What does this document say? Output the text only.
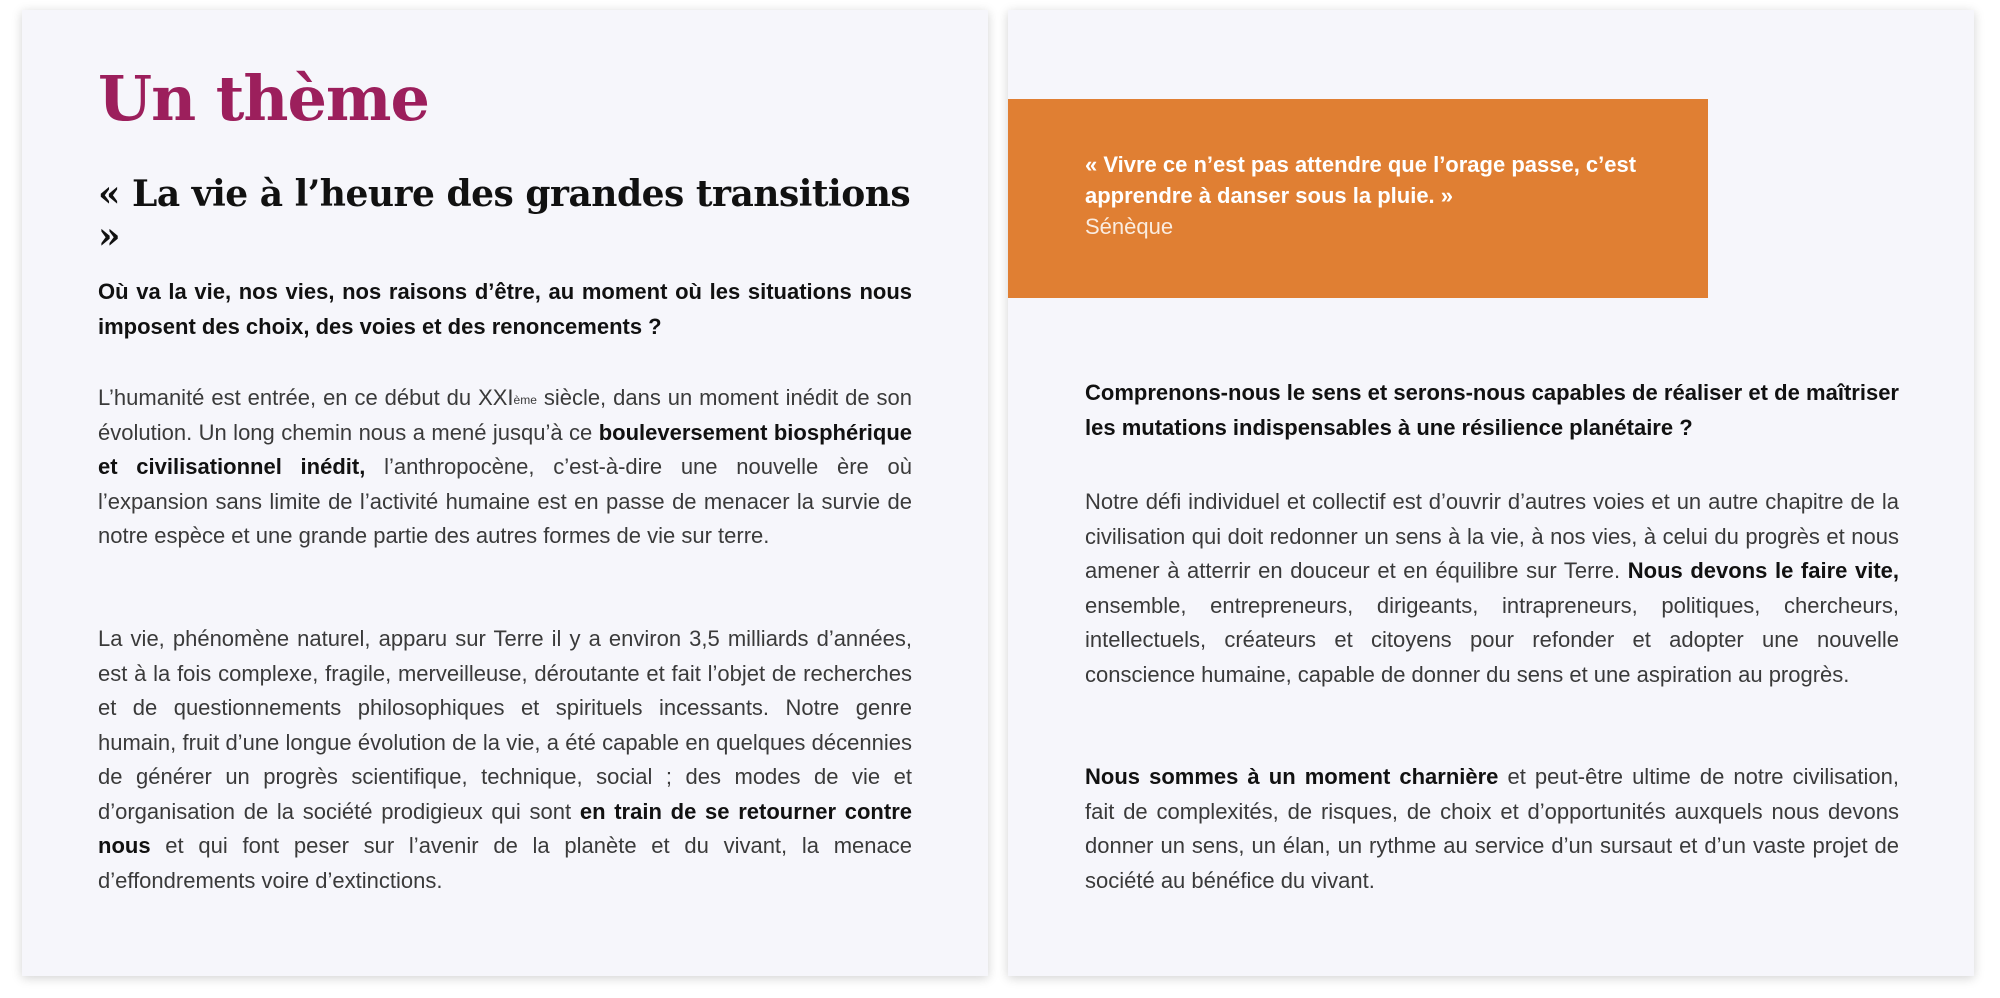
Un thème
« La vie à l’heure des grandes transitions »

Où va la vie, nos vies, nos raisons d’être, au moment où les situations nous imposent des choix, des voies et des renoncements ?

L’humanité est entrée, en ce début du XXIème siècle, dans un moment inédit de son évolution. Un long chemin nous a mené jusqu’à ce bouleversement biosphérique et civilisationnel inédit, l’anthropocène, c’est-à-dire une nouvelle ère où l’expansion sans limite de l’activité humaine est en passe de menacer la survie de notre espèce et une grande partie des autres formes de vie sur terre.

La vie, phénomène naturel, apparu sur Terre il y a environ 3,5 milliards d’années, est à la fois complexe, fragile, merveilleuse, déroutante et fait l’objet de recherches et de questionnements philosophiques et spirituels incessants. Notre genre humain, fruit d’une longue évolution de la vie, a été capable en quelques décennies de générer un progrès scientifique, technique, social ; des modes de vie et d’organisation de la société prodigieux qui sont en train de se retourner contre nous et qui font peser sur l’avenir de la planète et du vivant, la menace d’effondrements voire d’extinctions.

« Vivre ce n’est pas attendre que l’orage passe, c’est apprendre à danser sous la pluie. »

Sénèque

Comprenons-nous le sens et serons-nous capables de réaliser et de maîtriser les mutations indispensables à une résilience planétaire ?

Notre défi individuel et collectif est d’ouvrir d’autres voies et un autre chapitre de la civilisation qui doit redonner un sens à la vie, à nos vies, à celui du progrès et nous amener à atterrir en douceur et en équilibre sur Terre. Nous devons le faire vite, ensemble, entrepreneurs, dirigeants, intrapreneurs, politiques, chercheurs, intellectuels, créateurs et citoyens pour refonder et adopter une nouvelle conscience humaine, capable de donner du sens et une aspiration au progrès.

Nous sommes à un moment charnière et peut-être ultime de notre civilisation, fait de complexités, de risques, de choix et d’opportunités auxquels nous devons donner un sens, un élan, un rythme au service d’un sursaut et d’un vaste projet de société au bénéfice du vivant.
